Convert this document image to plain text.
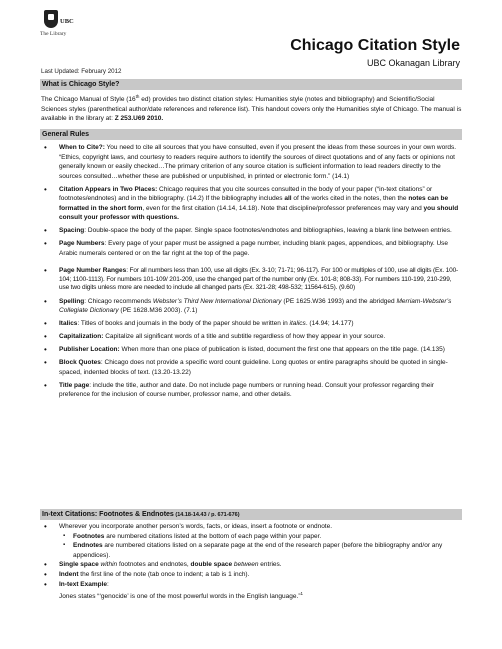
UBC

The Library
Last Updated: February 2012
Chicago Citation Style
UBC Okanagan Library
What is Chicago Style?
The Chicago Manual of Style (16th ed) provides two distinct citation styles: Humanities style (notes and bibliography) and Scientific/Social Sciences styles (parenthetical author/date references and reference list). This handout covers only the Humanities style of Chicago. The manual is available in the library at: Z 253.U69 2010.
General Rules
• When to Cite?: You need to cite all sources that you have consulted, even if you present the ideas from these sources in your own words. “Ethics, copyright laws, and courtesy to readers require authors to identify the sources of direct quotations and of any facts or opinions not generally known or easily checked…The primary criterion of any source citation is sufficient information to lead readers directly to the sources consulted…whether these are published or unpublished, in printed or electronic form.” (14.1)
• Citation Appears in Two Places: Chicago requires that you cite sources consulted in the body of your paper (“in-text citations” or footnotes/endnotes) and in the bibliography. (14.2) If the bibliography includes all of the works cited in the notes, then the notes can be formatted in the short form, even for the first citation (14.14, 14.18). Note that discipline/professor preferences may vary and you should consult your professor with questions.
• Spacing: Double-space the body of the paper. Single space footnotes/endnotes and bibliographies, leaving a blank line between entries.
• Page Numbers: Every page of your paper must be assigned a page number, including blank pages, appendices, and bibliography. Use Arabic numerals centered or on the far right at the top of the page.
• Page Number Ranges: For all numbers less than 100, use all digits (Ex. 3-10; 71-71; 96-117). For 100 or multiples of 100, use all digits (Ex. 100-104; 1100-1113). For numbers 101-109/ 201-209, use the changed part of the number only (Ex. 101-8; 808-33). For numbers 110-199, 210-299, use two digits unless more are needed to include all changed parts (Ex. 321-28; 498-532; 11564-615). (9.60)
• Spelling: Chicago recommends Webster’s Third New International Dictionary (PE 1625.W36 1993) and the abridged Merriam-Webster’s Collegiate Dictionary (PE 1628.M36 2003). (7.1)
• Italics: Titles of books and journals in the body of the paper should be written in italics. (14.94; 14.177)
• Capitalization: Capitalize all significant words of a title and subtitle regardless of how they appear in your source.
• Publisher Location: When more than one place of publication is listed, document the first one that appears on the title page. (14.135)
• Block Quotes: Chicago does not provide a specific word count guideline. Long quotes or entire paragraphs should be quoted in single-spaced, indented blocks of text. (13.20-13.22)
• Title page: include the title, author and date. Do not include page numbers or running head. Consult your professor regarding their preference for the inclusion of course number, professor name, and other details.
In-text Citations: Footnotes & Endnotes (14.18-14.43 / p. 671-676)
• Wherever you incorporate another person’s words, facts, or ideas, insert a footnote or endnote.
▪ Footnotes are numbered citations listed at the bottom of each page within your paper.
▪ Endnotes are numbered citations listed on a separate page at the end of the research paper (before the bibliography and/or any appendices).
• Single space within footnotes and endnotes, double space between entries.
• Indent the first line of the note (tab once to indent; a tab is 1 inch).
• In-text Example:
Jones states “‘genocide’ is one of the most powerful words in the English language.”$^1$
